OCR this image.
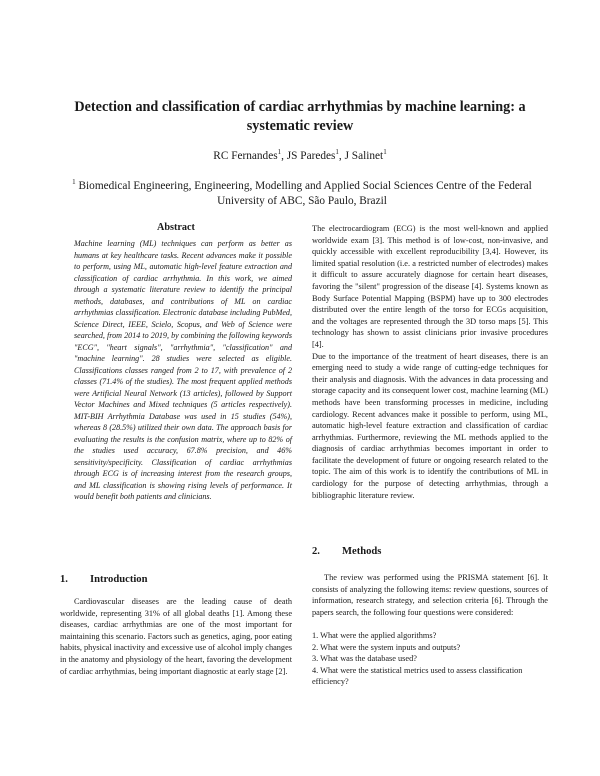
Detection and classification of cardiac arrhythmias by machine learning: a systematic review
RC Fernandes$^1$, JS Paredes$^1$, J Salinet$^1$
$^1$ Biomedical Engineering, Engineering, Modelling and Applied Social Sciences Centre of the Federal University of ABC, São Paulo, Brazil
Abstract
Machine learning (ML) techniques can perform as better as humans at key healthcare tasks. Recent advances make it possible to perform, using ML, automatic high-level feature extraction and classification of cardiac arrhythmia. In this work, we aimed through a systematic literature review to identify the principal methods, databases, and contributions of ML on cardiac arrhythmias classification. Electronic database including PubMed, Science Direct, IEEE, Scielo, Scopus, and Web of Science were searched, from 2014 to 2019, by combining the following keywords "ECG", "heart signals", "arrhythmia", "classification" and "machine learning". 28 studies were selected as eligible. Classifications classes ranged from 2 to 17, with prevalence of 2 classes (71.4% of the studies). The most frequent applied methods were Artificial Neural Network (13 articles), followed by Support Vector Machines and Mixed techniques (5 articles respectively). MIT-BIH Arrhythmia Database was used in 15 studies (54%), whereas 8 (28.5%) utilized their own data. The approach basis for evaluating the results is the confusion matrix, where up to 82% of the studies used accuracy, 67.8% precision, and 46% sensitivity/specificity. Classification of cardiac arrhythmias through ECG is of increasing interest from the research groups, and ML classification is showing rising levels of performance. It would benefit both patients and clinicians.
1. Introduction
Cardiovascular diseases are the leading cause of death worldwide, representing 31% of all global deaths [1]. Among these diseases, cardiac arrhythmias are one of the most important for maintaining this scenario. Factors such as genetics, aging, poor eating habits, physical inactivity and excessive use of alcohol imply changes in the anatomy and physiology of the heart, favoring the development of cardiac arrhythmias, being important diagnostic at early stage [2].

The electrocardiogram (ECG) is the most well-known and applied worldwide exam [3]. This method is of low-cost, non-invasive, and quickly accessible with excellent reproducibility [3,4]. However, its limited spatial resolution (i.e. a restricted number of electrodes) makes it difficult to assure accurately diagnose for certain heart diseases, favoring the "silent" progression of the disease [4]. Systems known as Body Surface Potential Mapping (BSPM) have up to 300 electrodes distributed over the entire length of the torso for ECGs acquisition, and the voltages are represented through the 3D torso maps [5]. This technology has shown to assist clinicians prior invasive procedures [4].

Due to the importance of the treatment of heart diseases, there is an emerging need to study a wide range of cutting-edge techniques for their analysis and diagnosis. With the advances in data processing and storage capacity and its consequent lower cost, machine learning (ML) methods have been transforming processes in medicine, including cardiology. Recent advances make it possible to perform, using ML, automatic high-level feature extraction and classification of cardiac arrhythmias. Furthermore, reviewing the ML methods applied to the diagnosis of cardiac arrhythmias becomes important in order to facilitate the development of future or ongoing research related to the topic. The aim of this work is to identify the contributions of ML in cardiology for the purpose of detecting arrhythmias, through a bibliographic literature review.

2. Methods
The review was performed using the PRISMA statement [6]. It consists of analyzing the following items: review questions, sources of information, research strategy, and selection criteria [6]. Through the papers search, the following four questions were considered:
1. What were the applied algorithms?
2. What were the system inputs and outputs?
3. What was the database used?
4. What were the statistical metrics used to assess classification efficiency?
